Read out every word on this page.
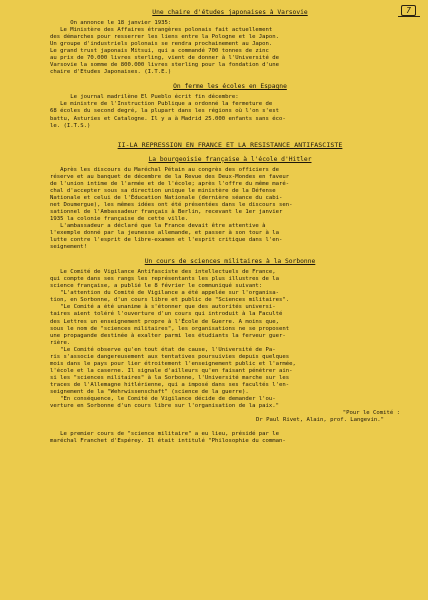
7

Une chaire d'études japonaises à Varsovie

On annonce le 18 janvier 1935:
Le Ministère des Affaires étrangères polonais fait actuellement
des démarches pour resserrer les liens entre la Pologne et le Japon.
Un groupe d'industriels polonais se rendra prochainement au Japon.
Le grand trust japonais Mitsui, qui a commandé 700 tonnes de zinc
au prix de 70.000 livres sterling, vient de donner à l'Université de
Varsovie la somme de 800.000 livres sterling pour la fondation d'une
chaire d'Etudes Japonaises. (I.T.E.)

On ferme les écoles en Espagne

Le journal madrilène El Pueblo écrit fin décembre:
Le ministre de l'Instruction Publique a ordonné la fermeture de
68 écoles du second degré, la plupart dans les régions où l'on s'est
battu, Asturies et Catalogne. Il y a à Madrid 25.000 enfants sans éco-
le. (I.T.S.)

II-LA REPRESSION EN FRANCE ET LA RESISTANCE ANTIFASCISTE

La bourgeoisie française à l'école d'Hitler

Après les discours du Maréchal Pétain au congrès des officiers de
réserve et au banquet de décembre de la Revue des Deux-Mondes en faveur
de l'union intime de l'armée et de l'école; après l'offre du même maré-
chal d'accepter sous sa direction unique le ministère de la Défense
Nationale et celui de l'Éducation Nationale (dernière séance du cabi-
net Doumergue), les mêmes idées ont été présentées dans le discours sen-
sationnel de l'Ambassadeur français à Berlin, recevant le 1er janvier
1935 la colonie française de cette ville.
L'ambassadeur a déclaré que la France devait être attentive à
l'exemple donné par la jeunesse allemande, et passer à son tour à la
lutte contre l'esprit de libre-examen et l'esprit critique dans l'en-
seignement!

Un cours de sciences militaires à la Sorbonne

Le Comité de Vigilance Antifasciste des intellectuels de France,
qui compte dans ses rangs les représentants les plus illustres de la
science française, a publié le 8 février le communiqué suivant:
"L'attention du Comité de Vigilance a été appelée sur l'organisa-
tion, en Sorbonne, d'un cours libre et public de "Sciences militaires".
"Le Comité a été unanime à s'étonner que des autorités universi-
taires aient toléré l'ouverture d'un cours qui introduit à la Faculté
des Lettres un enseignement propre à l'École de Guerre. A moins que,
sous le nom de "sciences militaires", les organisations ne se proposent
une propagande destinée à exalter parmi les étudiants la ferveur guer-
rière.
"Le Comité observe qu'en tout état de cause, l'Université de Pa-
ris s'associe dangereusement aux tentatives poursuivies depuis quelques
mois dans le pays pour lier étroitement l'enseignement public et l'armée,
l'école et la caserne. Il signale d'ailleurs qu'en faisant pénétrer ain-
si les "sciences militaires" à la Sorbonne, l'Université marche sur les
traces de l'Allemagne hitlérienne, qui a imposé dans ses facultés l'en-
seignement de la "Wehrwissenschaft" (science de la guerre).
"En conséquence, le Comité de Vigilance décide de demander l'ou-
verture en Sorbonne d'un cours libre sur l'organisation de la paix."
"Pour le Comité :
Dr Paul Rivet, Alain, prof. Langevin."
Le premier cours de "science militaire" a eu lieu, présidé par le
maréchal Franchet d'Espérey. Il était intitulé "Philosophie du comman-
